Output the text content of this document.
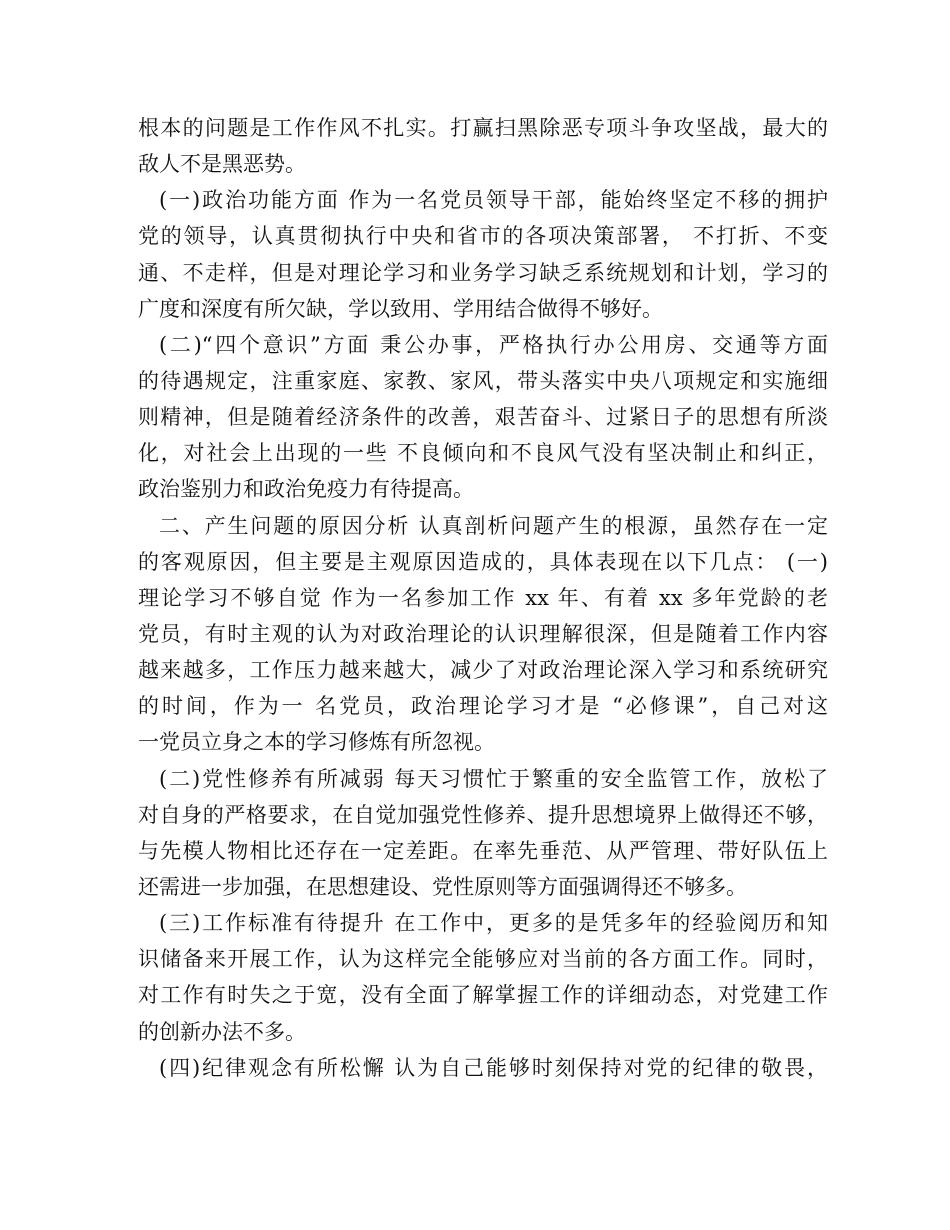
根本的问题是工作作风不扎实。打赢扫黑除恶专项斗争攻坚战，最大的
敌人不是黑恶势。
(一)政治功能方面 作为一名党员领导干部，能始终坚定不移的拥护
党的领导，认真贯彻执行中央和省市的各项决策部署， 不打折、不变
通、不走样，但是对理论学习和业务学习缺乏系统规划和计划，学习的
广度和深度有所欠缺，学以致用、学用结合做得不够好。
(二)“四个意识”方面 秉公办事，严格执行办公用房、交通等方面
的待遇规定，注重家庭、家教、家风，带头落实中央八项规定和实施细
则精神，但是随着经济条件的改善，艰苦奋斗、过紧日子的思想有所淡
化，对社会上出现的一些 不良倾向和不良风气没有坚决制止和纠正，
政治鉴别力和政治免疫力有待提高。
二、产生问题的原因分析 认真剖析问题产生的根源，虽然存在一定
的客观原因，但主要是主观原因造成的，具体表现在以下几点： (一)
理论学习不够自觉 作为一名参加工作 xx 年、有着 xx 多年党龄的老
党员，有时主观的认为对政治理论的认识理解很深，但是随着工作内容
越来越多，工作压力越来越大，减少了对政治理论深入学习和系统研究
的时间，作为一 名党员，政治理论学习才是 “必修课”，自己对这
一党员立身之本的学习修炼有所忽视。
(二)党性修养有所减弱 每天习惯忙于繁重的安全监管工作，放松了
对自身的严格要求，在自觉加强党性修养、提升思想境界上做得还不够，
与先模人物相比还存在一定差距。在率先垂范、从严管理、带好队伍上
还需进一步加强，在思想建设、党性原则等方面强调得还不够多。
(三)工作标准有待提升 在工作中，更多的是凭多年的经验阅历和知
识储备来开展工作，认为这样完全能够应对当前的各方面工作。同时，
对工作有时失之于宽，没有全面了解掌握工作的详细动态，对党建工作
的创新办法不多。
(四)纪律观念有所松懈 认为自己能够时刻保持对党的纪律的敬畏，
